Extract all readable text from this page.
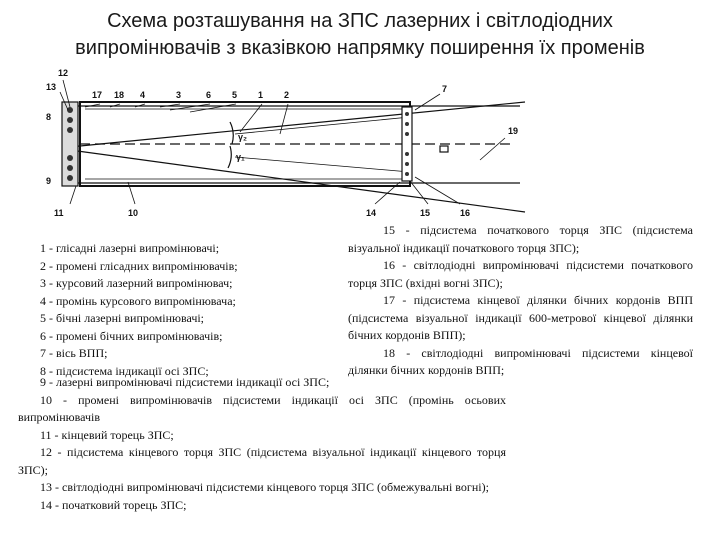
Схема розташування на ЗПС лазерних і світлодіодних
випромінювачів з вказівкою напрямку поширення їх променів
12
13
8
9
11
17 18 4	3	6 5 1 2
10
7
14	15	16
19
γ₂
γ₁
1 - глісадні лазерні випромінювачі;
2 - промені глісадних випромінювачів;
3 - курсовий лазерний випромінювач;
4 - промінь курсового випромінювача;
5 - бічні лазерні випромінювачі;
6 - промені бічних випромінювачів;
7 - вісь ВПП;
8 - підсистема індикації осі ЗПС;

15 - підсистема початкового торця ЗПС (підсистема візуальної індикації початкового торця ЗПС);

16 - світлодіодні випромінювачі підсистеми початкового торця ЗПС (вхідні вогні ЗПС);

17 - підсистема кінцевої ділянки бічних кордонів ВПП (підсистема візуальної індикації 600-метрової кінцевої ділянки бічних кордонів ВПП);

18 - світлодіодні випромінювачі підсистеми кінцевої ділянки бічних кордонів ВПП;

9 - лазерні випромінювачі підсистеми індикації осі ЗПС;

10 - промені випромінювачів підсистеми індикації осі ЗПС (промінь осьових випромінювачів

11 - кінцевий торець ЗПС;

12 - підсистема кінцевого торця ЗПС (підсистема візуальної індикації кінцевого торця ЗПС);

13 - світлодіодні випромінювачі підсистеми кінцевого торця ЗПС (обмежувальні вогні);

14 - початковий торець ЗПС;
